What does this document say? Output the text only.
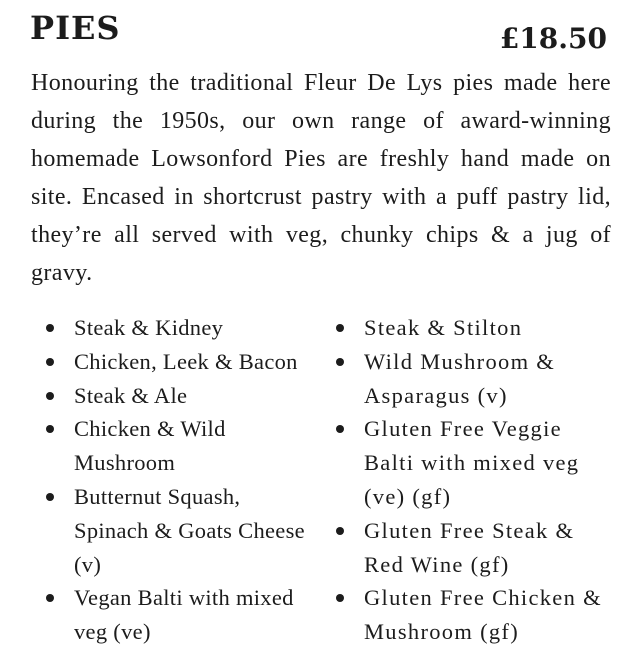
PIES	£18.50

Honouring the traditional Fleur De Lys pies made here during the 1950s, our own range of award-winning homemade Lowsonford Pies are freshly hand made on site. Encased in shortcrust pastry with a puff pastry lid, they’re all served with veg, chunky chips & a jug of gravy.

Steak & Kidney
Chicken, Leek & Bacon
Steak & Ale
Chicken & Wild Mushroom
Butternut Squash, Spinach & Goats Cheese (v)
Vegan Balti with mixed veg (ve)
Steak & Stilton
Wild Mushroom & Asparagus (v)
Gluten Free Veggie Balti with mixed veg (ve) (gf)
Gluten Free Steak & Red Wine (gf)
Gluten Free Chicken & Mushroom (gf)
